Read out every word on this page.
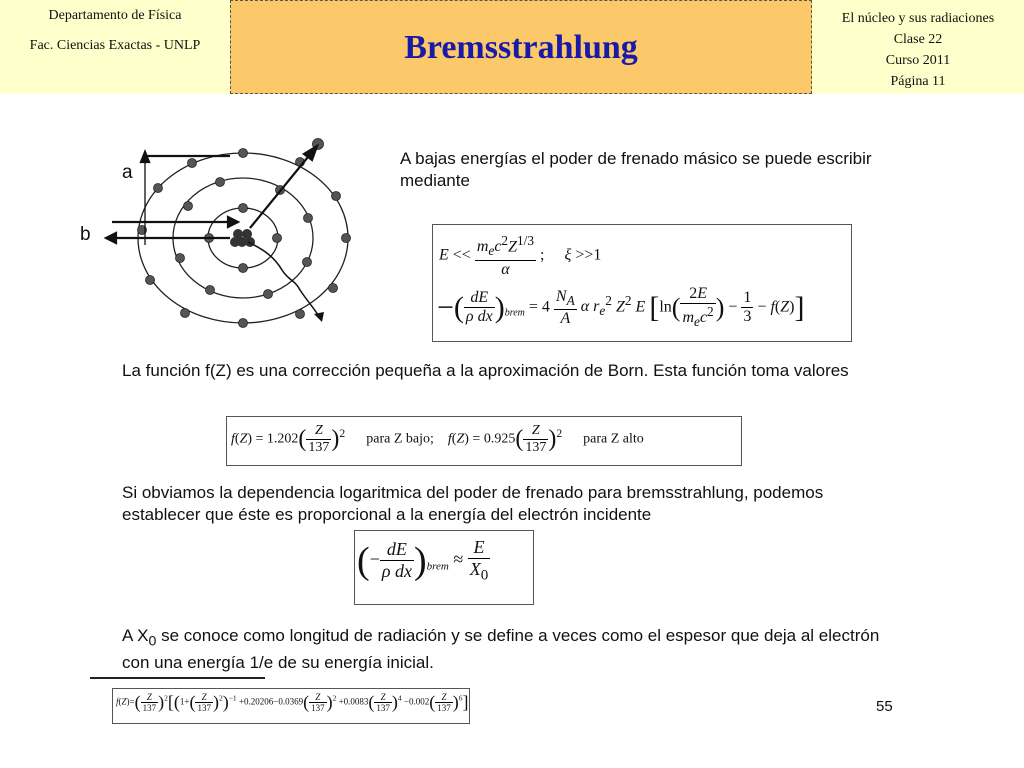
Departamento de Física
Fac. Ciencias Exactas - UNLP	Bremsstrahlung
El núcleo y sus radiaciones
Clase 22
Curso 2011
Página 11
a
b
A bajas energías el poder de frenado másico se puede escribir mediante
$E << \frac{m_ec^2Z^{1/3}}{\alpha}$ ;     ξ >>1
−( $\frac{dE}{\text{ρ dx}} )_{brem} = 4 \frac{N_A}{A}$ α $r_e^2$ $Z^2$ E [$\ln( \frac{2E}{m_ec^2}$ ) − $\frac{1}{3} - f(Z)$]
La función f(Z) es una corrección pequeña a la aproximación de Born. Esta función toma valores
$f(Z) = 1.202( \frac{Z}{137} )^2$ para Z bajo; $f(Z) = 0.925( \frac{Z}{137} )^2$ para Z alto
Si obviamos la dependencia logaritmica del poder de frenado para bremsstrahlung, podemos establecer que éste es proporcional a la energía del electrón incidente
(− $\frac{dE}{\text{ρ dx}} )_{brem} \approx \frac{E}{X_0}$
A $X_0$ se conoce como longitud de radiación y se define a veces como el espesor que deja al electrón con una energía 1/e de su energía inicial.
$f(Z)=( \frac{Z}{137} )^2[(1+( \frac{Z}{137} )^2)^{-1} +0.20206-0.0369( \frac{Z}{137} )^2 +0.0083( \frac{Z}{137} )^4 -0.002( \frac{Z}{137} )^6]$	55
